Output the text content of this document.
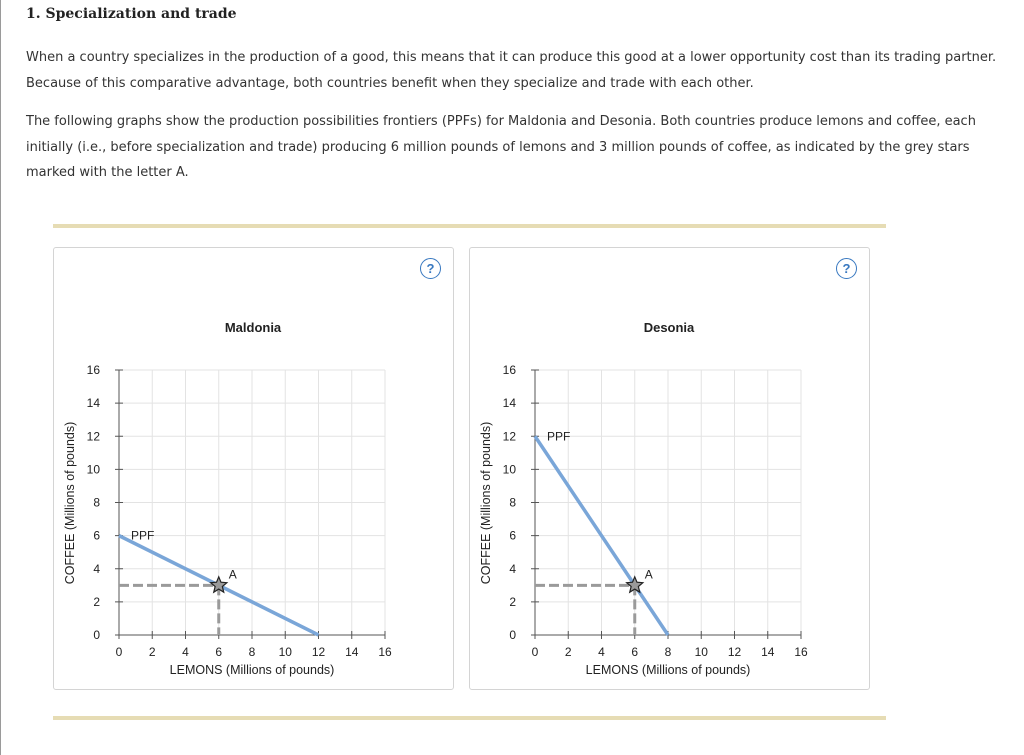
1. Specialization and trade
When a country specializes in the production of a good, this means that it can produce this good at a lower opportunity cost than its trading partner.
Because of this comparative advantage, both countries benefit when they specialize and trade with each other.
The following graphs show the production possibilities frontiers (PPFs) for Maldonia and Desonia. Both countries produce lemons and coffee, each
initially (i.e., before specialization and trade) producing 6 million pounds of lemons and 3 million pounds of coffee, as indicated by the grey stars
marked with the letter A.
?
Maldonia
0 2 4 6 8 10 12 14 16
0
2
4
6
8
10
12
14
16
LEMONS (Millions of pounds)
COFFEE (Millions of pounds)	PPF
A
?
Desonia
0 2 4 6 8 10 12 14 16
0
2
4
6
8
10
12
14
16
LEMONS (Millions of pounds)
COFFEE (Millions of pounds)	PPF
A
